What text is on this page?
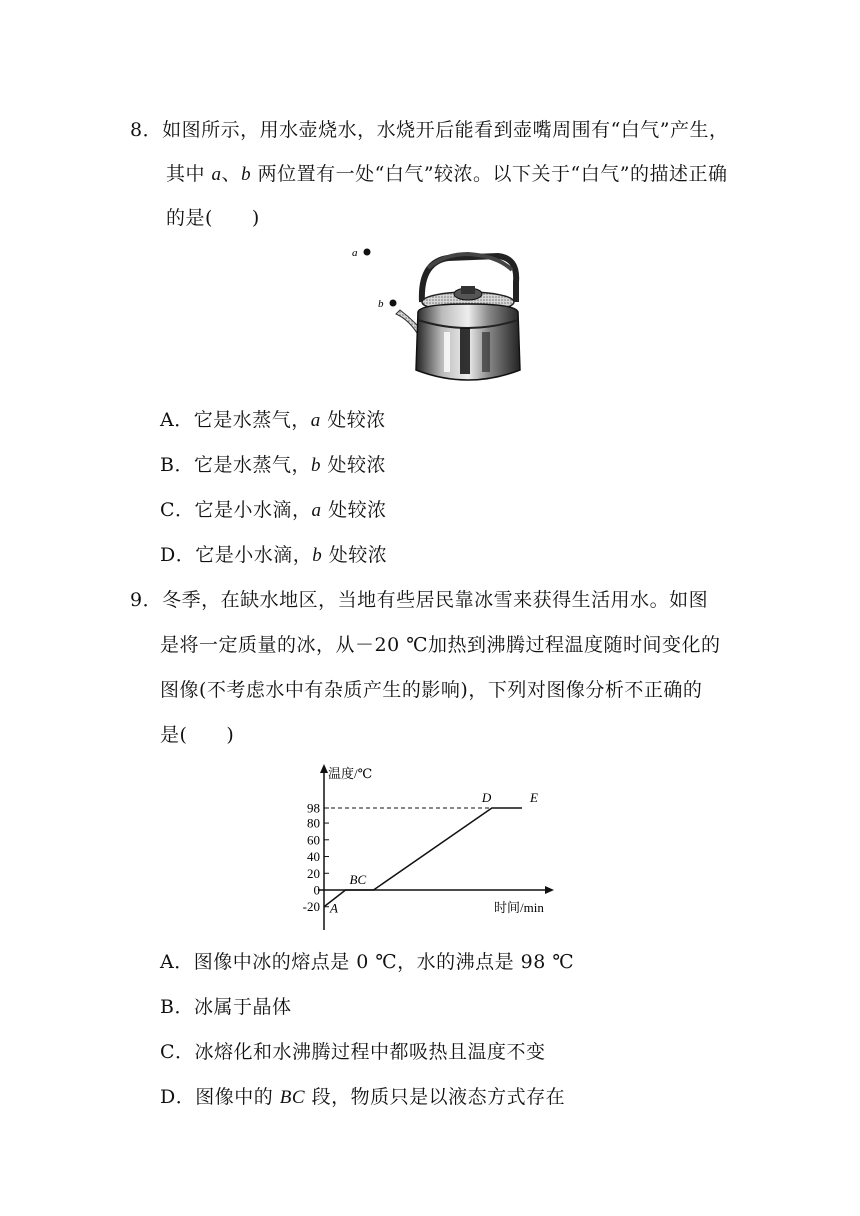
8．如图所示，用水壶烧水，水烧开后能看到壶嘴周围有“白气”产生，
其中 a、b 两位置有一处“白气”较浓。以下关于“白气”的描述正确
的是(　　)
a
b
A．它是水蒸气，a 处较浓
B．它是水蒸气，b 处较浓
C．它是小水滴，a 处较浓
D．它是小水滴，b 处较浓
9．冬季，在缺水地区，当地有些居民靠冰雪来获得生活用水。如图
是将一定质量的冰，从－20 ℃加热到沸腾过程温度随时间变化的
图像(不考虑水中有杂质产生的影响)，下列对图像分析不正确的
是(　　)
温度/℃
时间/min
98
80
60
40
20
0
-20 A
B C
D	E
A．图像中冰的熔点是 0 ℃，水的沸点是 98 ℃
B．冰属于晶体
C．冰熔化和水沸腾过程中都吸热且温度不变
D．图像中的 BC 段，物质只是以液态方式存在
